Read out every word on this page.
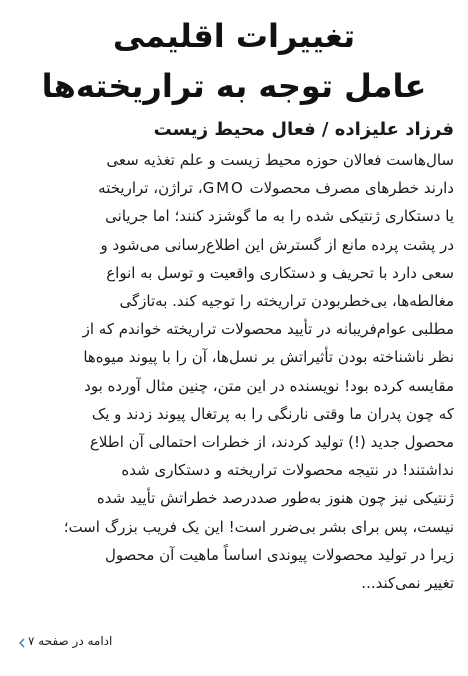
تغییرات اقلیمی
عامل توجه به تراریخته‌ها
فرزاد علیزاده / فعال محیط زیست
سال‌هاست فعالان حوزه محیط زیست و علم تغذیه سعی
دارند خطرهای مصرف محصولات GMO، تراژن، تراریخته
یا دستکاری ژنتیکی شده را به ما گوشزد کنند؛ اما جریانی
در پشت پرده مانع از گسترش این اطلاع‌رسانی می‌شود و
سعی دارد با تحریف و دستکاری واقعیت و توسل به انواع
مغالطه‌ها، بی‌خطربودن تراریخته را توجیه کند. به‌تازگی
مطلبی عوام‌فریبانه در تأیید محصولات تراریخته خواندم که از
نظر ناشناخته بودن تأثیراتش بر نسل‌ها، آن را با پیوند میوه‌ها
مقایسه کرده بود! نویسنده در این متن، چنین مثال آورده بود
که چون پدران ما وقتی نارنگی را به پرتغال پیوند زدند و یک
محصول جدید (!) تولید کردند، از خطرات احتمالی آن اطلاع
نداشتند! در نتیجه محصولات تراریخته و دستکاری شده
ژنتیکی نیز چون هنوز به‌طور صددرصد خطراتش تأیید شده
نیست، پس برای بشر بی‌ضرر است! این یک فریب بزرگ است؛
زیرا در تولید محصولات پیوندی اساساً ماهیت آن محصول
تغییر نمی‌کند...
ادامه در صفحه ۷
